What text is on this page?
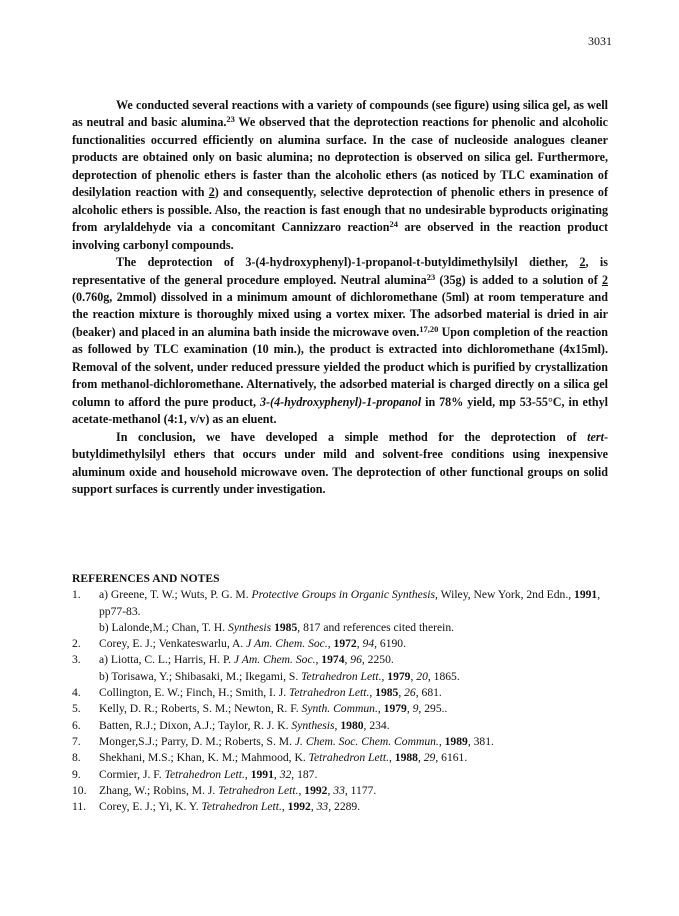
3031

We conducted several reactions with a variety of compounds (see figure) using silica gel, as well as neutral and basic alumina.$^{23}$ We observed that the deprotection reactions for phenolic and alcoholic functionalities occurred efficiently on alumina surface. In the case of nucleoside analogues cleaner products are obtained only on basic alumina; no deprotection is observed on silica gel. Furthermore, deprotection of phenolic ethers is faster than the alcoholic ethers (as noticed by TLC examination of desilylation reaction with 2) and consequently, selective deprotection of phenolic ethers in presence of alcoholic ethers is possible. Also, the reaction is fast enough that no undesirable byproducts originating from arylaldehyde via a concomitant Cannizzaro reaction$^{24}$ are observed in the reaction product involving carbonyl compounds.

The deprotection of 3-(4-hydroxyphenyl)-1-propanol-t-butyldimethylsilyl diether, 2, is representative of the general procedure employed. Neutral alumina$^{23}$ (35g) is added to a solution of 2 (0.760g, 2mmol) dissolved in a minimum amount of dichloromethane (5ml) at room temperature and the reaction mixture is thoroughly mixed using a vortex mixer. The adsorbed material is dried in air (beaker) and placed in an alumina bath inside the microwave oven.$^{17,20}$ Upon completion of the reaction as followed by TLC examination (10 min.), the product is extracted into dichloromethane (4x15ml). Removal of the solvent, under reduced pressure yielded the product which is purified by crystallization from methanol-dichloromethane. Alternatively, the adsorbed material is charged directly on a silica gel column to afford the pure product, 3-(4-hydroxyphenyl)-1-propanol in 78% yield, mp 53-55°C, in ethyl acetate-methanol (4:1, v/v) as an eluent.

In conclusion, we have developed a simple method for the deprotection of tert-butyldimethylsilyl ethers that occurs under mild and solvent-free conditions using inexpensive aluminum oxide and household microwave oven. The deprotection of other functional groups on solid support surfaces is currently under investigation.

REFERENCES AND NOTES
1.	a) Greene, T. W.; Wuts, P. G. M. Protective Groups in Organic Synthesis, Wiley, New York, 2nd Edn., 1991, pp77-83.
b) Lalonde,M.; Chan, T. H. Synthesis 1985, 817 and references cited therein.
2.	Corey, E. J.; Venkateswarlu, A. J Am. Chem. Soc., 1972, 94, 6190.
3.	a) Liotta, C. L.; Harris, H. P. J Am. Chem. Soc., 1974, 96, 2250.
b) Torisawa, Y.; Shibasaki, M.; Ikegami, S. Tetrahedron Lett., 1979, 20, 1865.
4.	Collington, E. W.; Finch, H.; Smith, I. J. Tetrahedron Lett., 1985, 26, 681.
5.	Kelly, D. R.; Roberts, S. M.; Newton, R. F. Synth. Commun., 1979, 9, 295..
6.	Batten, R.J.; Dixon, A.J.; Taylor, R. J. K. Synthesis, 1980, 234.
7.	Monger,S.J.; Parry, D. M.; Roberts, S. M. J. Chem. Soc. Chem. Commun., 1989, 381.
8.	Shekhani, M.S.; Khan, K. M.; Mahmood, K. Tetrahedron Lett., 1988, 29, 6161.
9.	Cormier, J. F. Tetrahedron Lett., 1991, 32, 187.
10.	Zhang, W.; Robins, M. J. Tetrahedron Lett., 1992, 33, 1177.
11.	Corey, E. J.; Yi, K. Y. Tetrahedron Lett., 1992, 33, 2289.
